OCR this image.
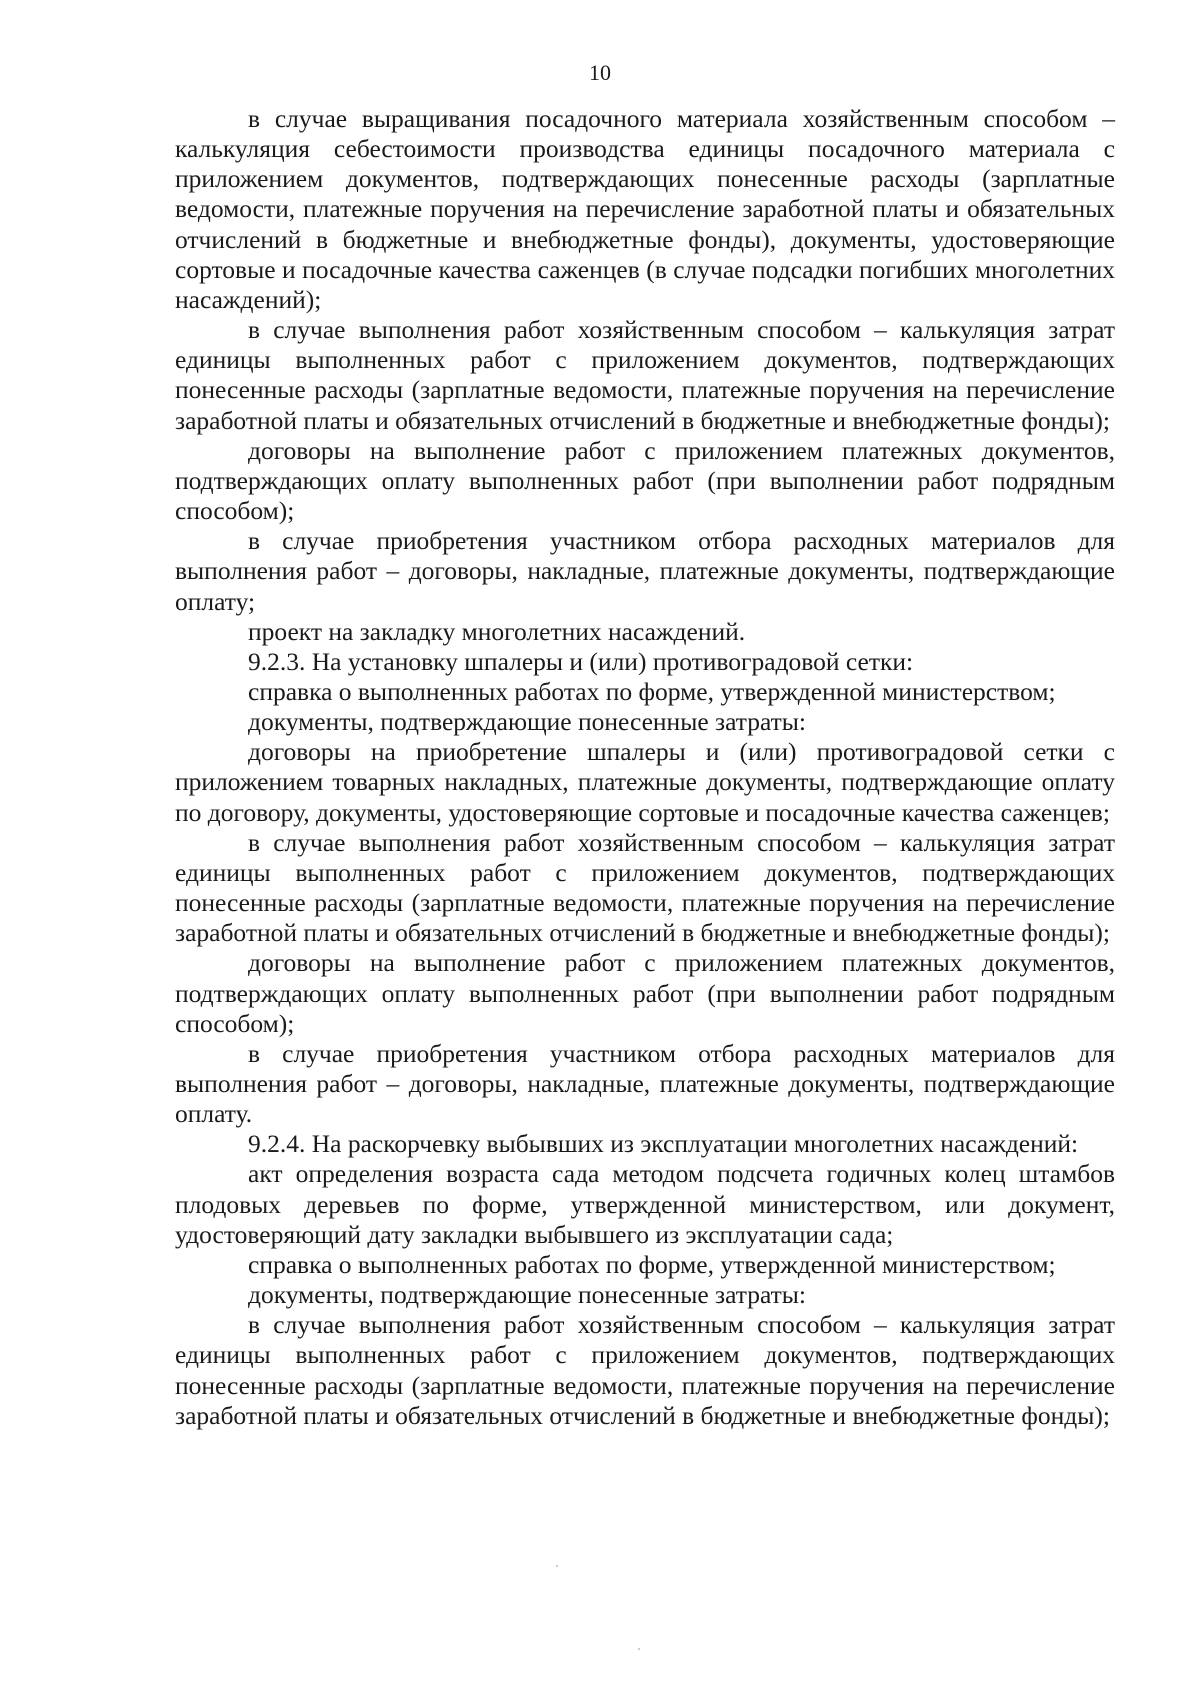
10

в случае выращивания посадочного материала хозяйственным способом – калькуляция себестоимости производства единицы посадочного материала с приложением документов, подтверждающих понесенные расходы (зарплатные ведомости, платежные поручения на перечисление заработной платы и обязательных отчислений в бюджетные и внебюджетные фонды), документы, удостоверяющие сортовые и посадочные качества саженцев (в случае подсадки погибших многолетних насаждений);

в случае выполнения работ хозяйственным способом – калькуляция затрат единицы выполненных работ с приложением документов, подтверждающих понесенные расходы (зарплатные ведомости, платежные поручения на перечисление заработной платы и обязательных отчислений в бюджетные и внебюджетные фонды);

договоры на выполнение работ с приложением платежных документов, подтверждающих оплату выполненных работ (при выполнении работ подрядным способом);

в случае приобретения участником отбора расходных материалов для выполнения работ – договоры, накладные, платежные документы, подтверждающие оплату;

проект на закладку многолетних насаждений.

9.2.3. На установку шпалеры и (или) противоградовой сетки:

справка о выполненных работах по форме, утвержденной министерством;

документы, подтверждающие понесенные затраты:

договоры на приобретение шпалеры и (или) противоградовой сетки с приложением товарных накладных, платежные документы, подтверждающие оплату по договору, документы, удостоверяющие сортовые и посадочные качества саженцев;

в случае выполнения работ хозяйственным способом – калькуляция затрат единицы выполненных работ с приложением документов, подтверждающих понесенные расходы (зарплатные ведомости, платежные поручения на перечисление заработной платы и обязательных отчислений в бюджетные и внебюджетные фонды);

договоры на выполнение работ с приложением платежных документов, подтверждающих оплату выполненных работ (при выполнении работ подрядным способом);

в случае приобретения участником отбора расходных материалов для выполнения работ – договоры, накладные, платежные документы, подтверждающие оплату.

9.2.4. На раскорчевку выбывших из эксплуатации многолетних насаждений:

акт определения возраста сада методом подсчета годичных колец штамбов плодовых деревьев по форме, утвержденной министерством, или документ, удостоверяющий дату закладки выбывшего из эксплуатации сада;

справка о выполненных работах по форме, утвержденной министерством;

документы, подтверждающие понесенные затраты:

в случае выполнения работ хозяйственным способом – калькуляция затрат единицы выполненных работ с приложением документов, подтверждающих понесенные расходы (зарплатные ведомости, платежные поручения на перечисление заработной платы и обязательных отчислений в бюджетные и внебюджетные фонды);
